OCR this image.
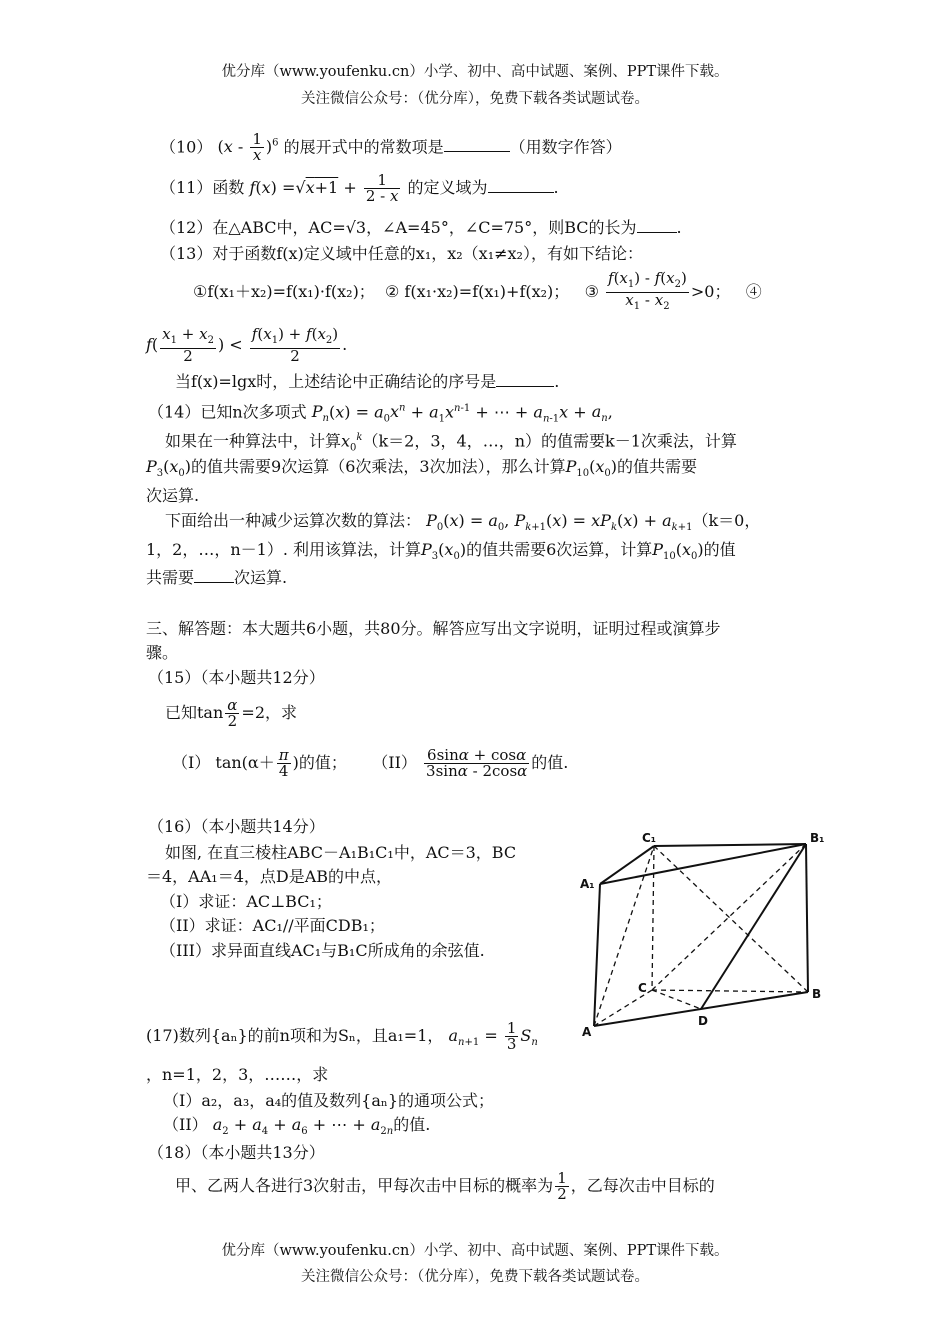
优分库（www.youfenku.cn）小学、初中、高中试题、案例、PPT课件下载。
关注微信公众号：（优分库），免费下载各类试题试卷。
（10） $(x - \frac{1}{x} )^6$ 的展开式中的常数项是	（用数字作答）
（11）函数 $f(x) =√x+1 + \frac{1}{2 - x}$ 的定义域为	.
（12）在△ABC中，AC=√3，∠A=45°，∠C=75°，则BC的长为	.
（13）对于函数f(x)定义域中任意的x₁，x₂（x₁≠x₂），有如下结论：
①f(x₁＋x₂)=f(x₁)·f(x₂)； ② f(x₁·x₂)=f(x₁)+f(x₂)； ③ $\frac{f(x_1) - f(x_2)}{x_1 - x_2} >0$； ④
$f( \frac{x_1 + x_2}{2}$ ) < $\frac{f(x_1) + f(x_2)}{2}$ .
当f(x)=lgx时，上述结论中正确结论的序号是	.
（14）已知n次多项式 $P_n(x) = a_0x^n + a_1x^{n-1}$ + ⋯ + $a_{n-1}x + a_n$,
如果在一种算法中，计算$x_0^k(k=2$，3，4，…，n）的值需要k－1次乘法，计算
$P_3(x_0)$的值共需要9次运算（6次乘法，3次加法），那么计算$P_{10}(x_0)$的值共需要
次运算.
下面给出一种减少运算次数的算法： $P_0(x) = a_0$, $P_{k+1}(x) = xP_k(x) + a_{k+1}(k=0$，
1，2，…，n－1）. 利用该算法，计算$P_3(x_0)$的值共需要6次运算，计算$P_{10}(x_0)$的值
共需要	次运算.
三、解答题：本大题共6小题，共80分。解答应写出文字说明，证明过程或演算步
骤。
（15）（本小题共12分）
已知$\tan \frac{\alpha}{2} =2$，求
（I） $\tan(\alpha+ \frac{\pi}{4}$ )的值； $(II) \frac{6\sin\alpha + \cos\alpha}{3\sin\alpha - 2\cos\alpha}$ 的值.
（16）（本小题共14分）
如图, 在直三棱柱ABC－A₁B₁C₁中，AC＝3，BC
＝4，AA₁＝4，点D是AB的中点，
（I）求证：AC⊥BC₁；
（II）求证：AC₁//平面CDB₁；
（III）求异面直线AC₁与B₁C所成角的余弦值.
C₁	B₁
A₁
C	B
A
D
(17)数列{aₙ}的前n项和为Sₙ，且a₁=1， $a_{n+1} = \frac{1}{3} S_n$
，n=1，2，3，……，求
（I）a₂，a₃，a₄的值及数列{aₙ}的通项公式；
（II） $a_2 + a_4 + a_6$ + ⋯ + $a_{2n}$的值.
（18）（本小题共13分）
甲、乙两人各进行3次射击，甲每次击中目标的概率为 $\frac{1}{2}$ ，乙每次击中目标的
优分库（www.youfenku.cn）小学、初中、高中试题、案例、PPT课件下载。
关注微信公众号：（优分库），免费下载各类试题试卷。
